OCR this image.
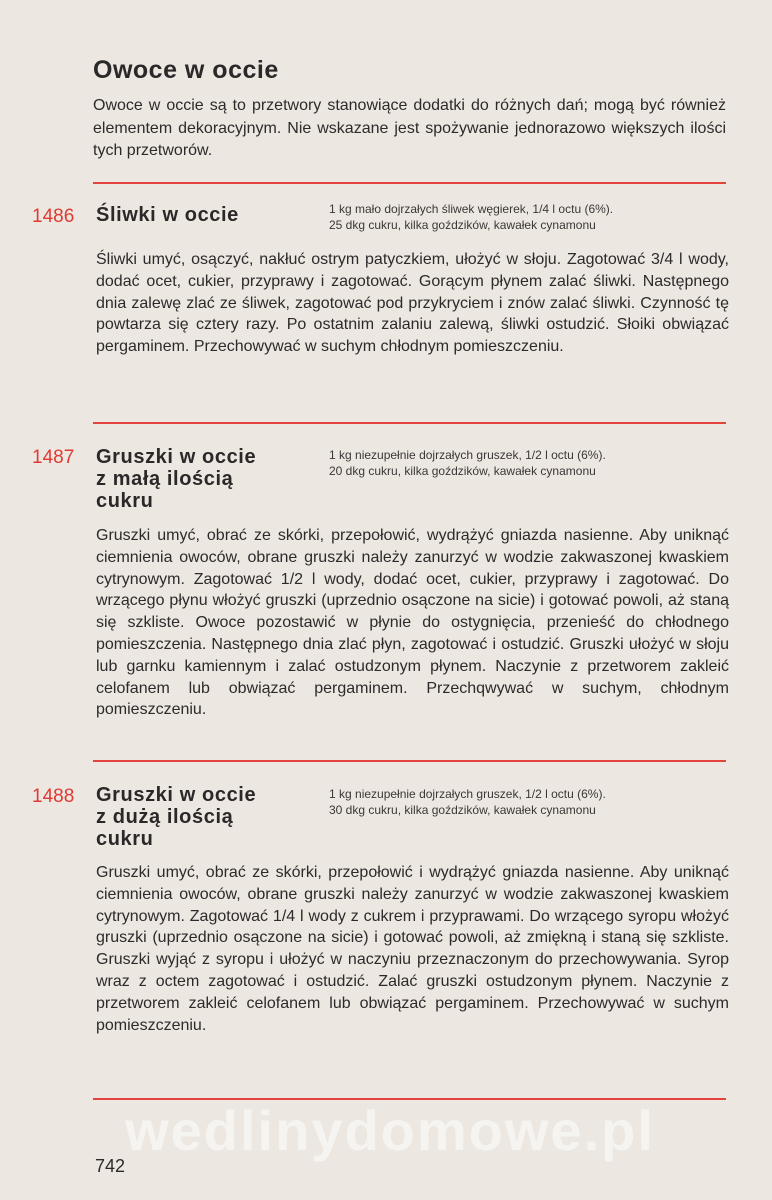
Owoce w occie

Owoce w occie są to przetwory stanowiące dodatki do różnych dań; mogą być również elementem dekoracyjnym. Nie wskazane jest spożywanie jednorazowo większych ilości tych przetworów.

1486 Śliwki w occie	1 kg mało dojrzałych śliwek węgierek, 1/4 l octu (6%).
25 dkg cukru, kilka goździków, kawałek cynamonu

Śliwki umyć, osączyć, nakłuć ostrym patyczkiem, ułożyć w słoju. Zagotować 3/4 l wody, dodać ocet, cukier, przyprawy i zagotować. Gorącym płynem zalać śliwki. Następnego dnia zalewę zlać ze śliwek, zagotować pod przykryciem i znów zalać śliwki. Czynność tę powtarza się cztery razy. Po ostatnim zalaniu zalewą, śliwki ostudzić. Słoiki obwiązać pergaminem. Przechowywać w suchym chłodnym pomieszczeniu.

1487 Gruszki w occie
z małą ilością
cukru

1 kg niezupełnie dojrzałych gruszek, 1/2 l octu (6%).
20 dkg cukru, kilka goździków, kawałek cynamonu

Gruszki umyć, obrać ze skórki, przepołowić, wydrążyć gniazda nasienne. Aby uniknąć ciemnienia owoców, obrane gruszki należy zanurzyć w wodzie zakwaszonej kwaskiem cytrynowym. Zagotować 1/2 l wody, dodać ocet, cukier, przyprawy i zagotować. Do wrzącego płynu włożyć gruszki (uprzednio osączone na sicie) i gotować powoli, aż staną się szkliste. Owoce pozostawić w płynie do ostygnięcia, przenieść do chłodnego pomieszczenia. Następnego dnia zlać płyn, zagotować i ostudzić. Gruszki ułożyć w słoju lub garnku kamiennym i zalać ostudzonym płynem. Naczynie z przetworem zakleić celofanem lub obwiązać pergaminem. Przechqwywać w suchym, chłodnym pomieszczeniu.

1488 Gruszki w occie
z dużą ilością
cukru

1 kg niezupełnie dojrzałych gruszek, 1/2 l octu (6%).
30 dkg cukru, kilka goździków, kawałek cynamonu

Gruszki umyć, obrać ze skórki, przepołowić i wydrążyć gniazda nasienne. Aby uniknąć ciemnienia owoców, obrane gruszki należy zanurzyć w wodzie zakwaszonej kwaskiem cytrynowym. Zagotować 1/4 l wody z cukrem i przyprawami. Do wrzącego syropu włożyć gruszki (uprzednio osączone na sicie) i gotować powoli, aż zmiękną i staną się szkliste. Gruszki wyjąć z syropu i ułożyć w naczyniu przeznaczonym do przechowywania. Syrop wraz z octem zagotować i ostudzić. Zalać gruszki ostudzonym płynem. Naczynie z przetworem zakleić celofanem lub obwiązać pergaminem. Przechowywać w suchym pomieszczeniu.

wedlinydomowe.pl

742
